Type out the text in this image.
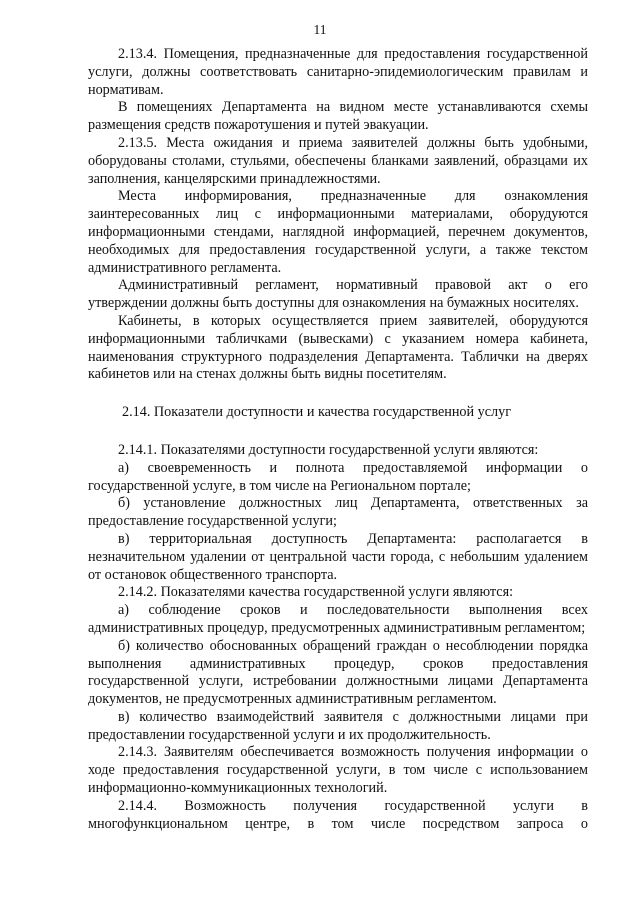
11

2.13.4. Помещения, предназначенные для предоставления государственной услуги, должны соответствовать санитарно-эпидемиологическим правилам и нормативам.

В помещениях Департамента на видном месте устанавливаются схемы размещения средств пожаротушения и путей эвакуации.

2.13.5. Места ожидания и приема заявителей должны быть удобными, оборудованы столами, стульями, обеспечены бланками заявлений, образцами их заполнения, канцелярскими принадлежностями.

Места информирования, предназначенные для ознакомления заинтересованных лиц с информационными материалами, оборудуются информационными стендами, наглядной информацией, перечнем документов, необходимых для предоставления государственной услуги, а также текстом административного регламента.

Административный регламент, нормативный правовой акт о его утверждении должны быть доступны для ознакомления на бумажных носителях.

Кабинеты, в которых осуществляется прием заявителей, оборудуются информационными табличками (вывесками) с указанием номера кабинета, наименования структурного подразделения Департамента. Таблички на дверях кабинетов или на стенах должны быть видны посетителям.

2.14. Показатели доступности и качества государственной услуг

2.14.1. Показателями доступности государственной услуги являются:

а) своевременность и полнота предоставляемой информации о государственной услуге, в том числе на Региональном портале;

б) установление должностных лиц Департамента, ответственных за предоставление государственной услуги;

в) территориальная доступность Департамента: располагается в незначительном удалении от центральной части города, с небольшим удалением от остановок общественного транспорта.

2.14.2. Показателями качества государственной услуги являются:

а) соблюдение сроков и последовательности выполнения всех административных процедур, предусмотренных административным регламентом;

б) количество обоснованных обращений граждан о несоблюдении порядка выполнения административных процедур, сроков предоставления государственной услуги, истребовании должностными лицами Департамента документов, не предусмотренных административным регламентом.

в) количество взаимодействий заявителя с должностными лицами при предоставлении государственной услуги и их продолжительность.

2.14.3. Заявителям обеспечивается возможность получения информации о ходе предоставления государственной услуги, в том числе с использованием информационно-коммуникационных технологий.

2.14.4. Возможность получения государственной услуги в многофункциональном центре, в том числе посредством запроса о
